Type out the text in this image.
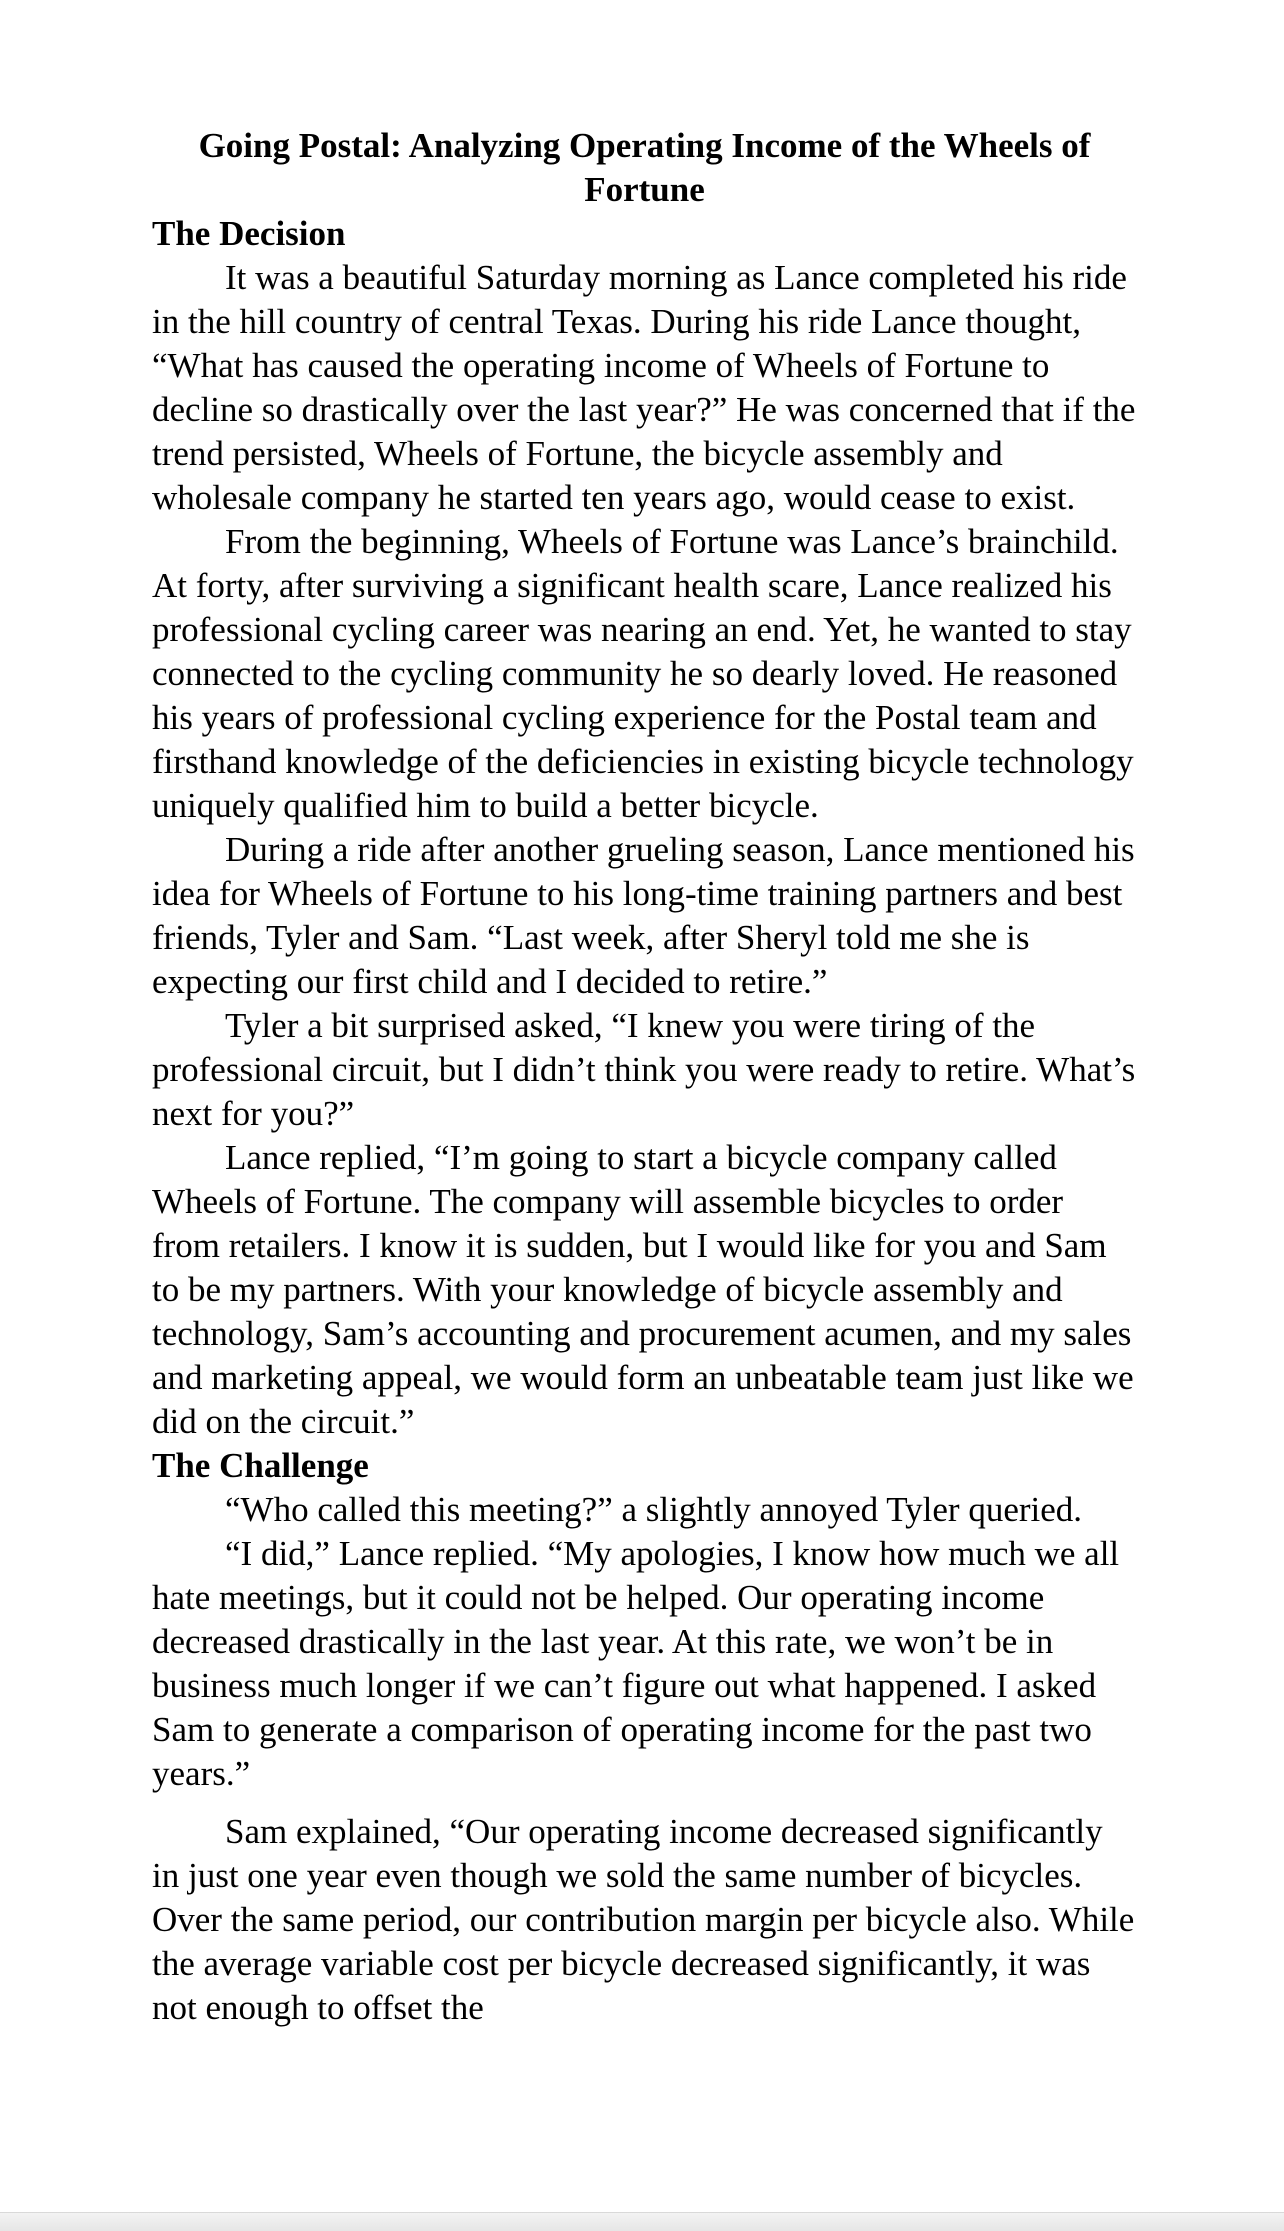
Going Postal: Analyzing Operating Income of the Wheels of Fortune
The Decision

It was a beautiful Saturday morning as Lance completed his ride in the hill country of central Texas. During his ride Lance thought, “What has caused the operating income of Wheels of Fortune to decline so drastically over the last year?” He was concerned that if the trend persisted, Wheels of Fortune, the bicycle assembly and wholesale company he started ten years ago, would cease to exist.

From the beginning, Wheels of Fortune was Lance’s brainchild. At forty, after surviving a significant health scare, Lance realized his professional cycling career was nearing an end. Yet, he wanted to stay connected to the cycling community he so dearly loved. He reasoned his years of professional cycling experience for the Postal team and firsthand knowledge of the deficiencies in existing bicycle technology uniquely qualified him to build a better bicycle.

During a ride after another grueling season, Lance mentioned his idea for Wheels of Fortune to his long-time training partners and best friends, Tyler and Sam. “Last week, after Sheryl told me she is expecting our first child and I decided to retire.”

Tyler a bit surprised asked, “I knew you were tiring of the professional circuit, but I didn’t think you were ready to retire. What’s next for you?”

Lance replied, “I’m going to start a bicycle company called Wheels of Fortune. The company will assemble bicycles to order from retailers. I know it is sudden, but I would like for you and Sam to be my partners. With your knowledge of bicycle assembly and technology, Sam’s accounting and procurement acumen, and my sales and marketing appeal, we would form an unbeatable team just like we did on the circuit.”

The Challenge

“Who called this meeting?” a slightly annoyed Tyler queried.

“I did,” Lance replied. “My apologies, I know how much we all hate meetings, but it could not be helped. Our operating income decreased drastically in the last year. At this rate, we won’t be in business much longer if we can’t figure out what happened. I asked Sam to generate a comparison of operating income for the past two years.”

Sam explained, “Our operating income decreased significantly in just one year even though we sold the same number of bicycles. Over the same period, our contribution margin per bicycle also. While the average variable cost per bicycle decreased significantly, it was not enough to offset the
